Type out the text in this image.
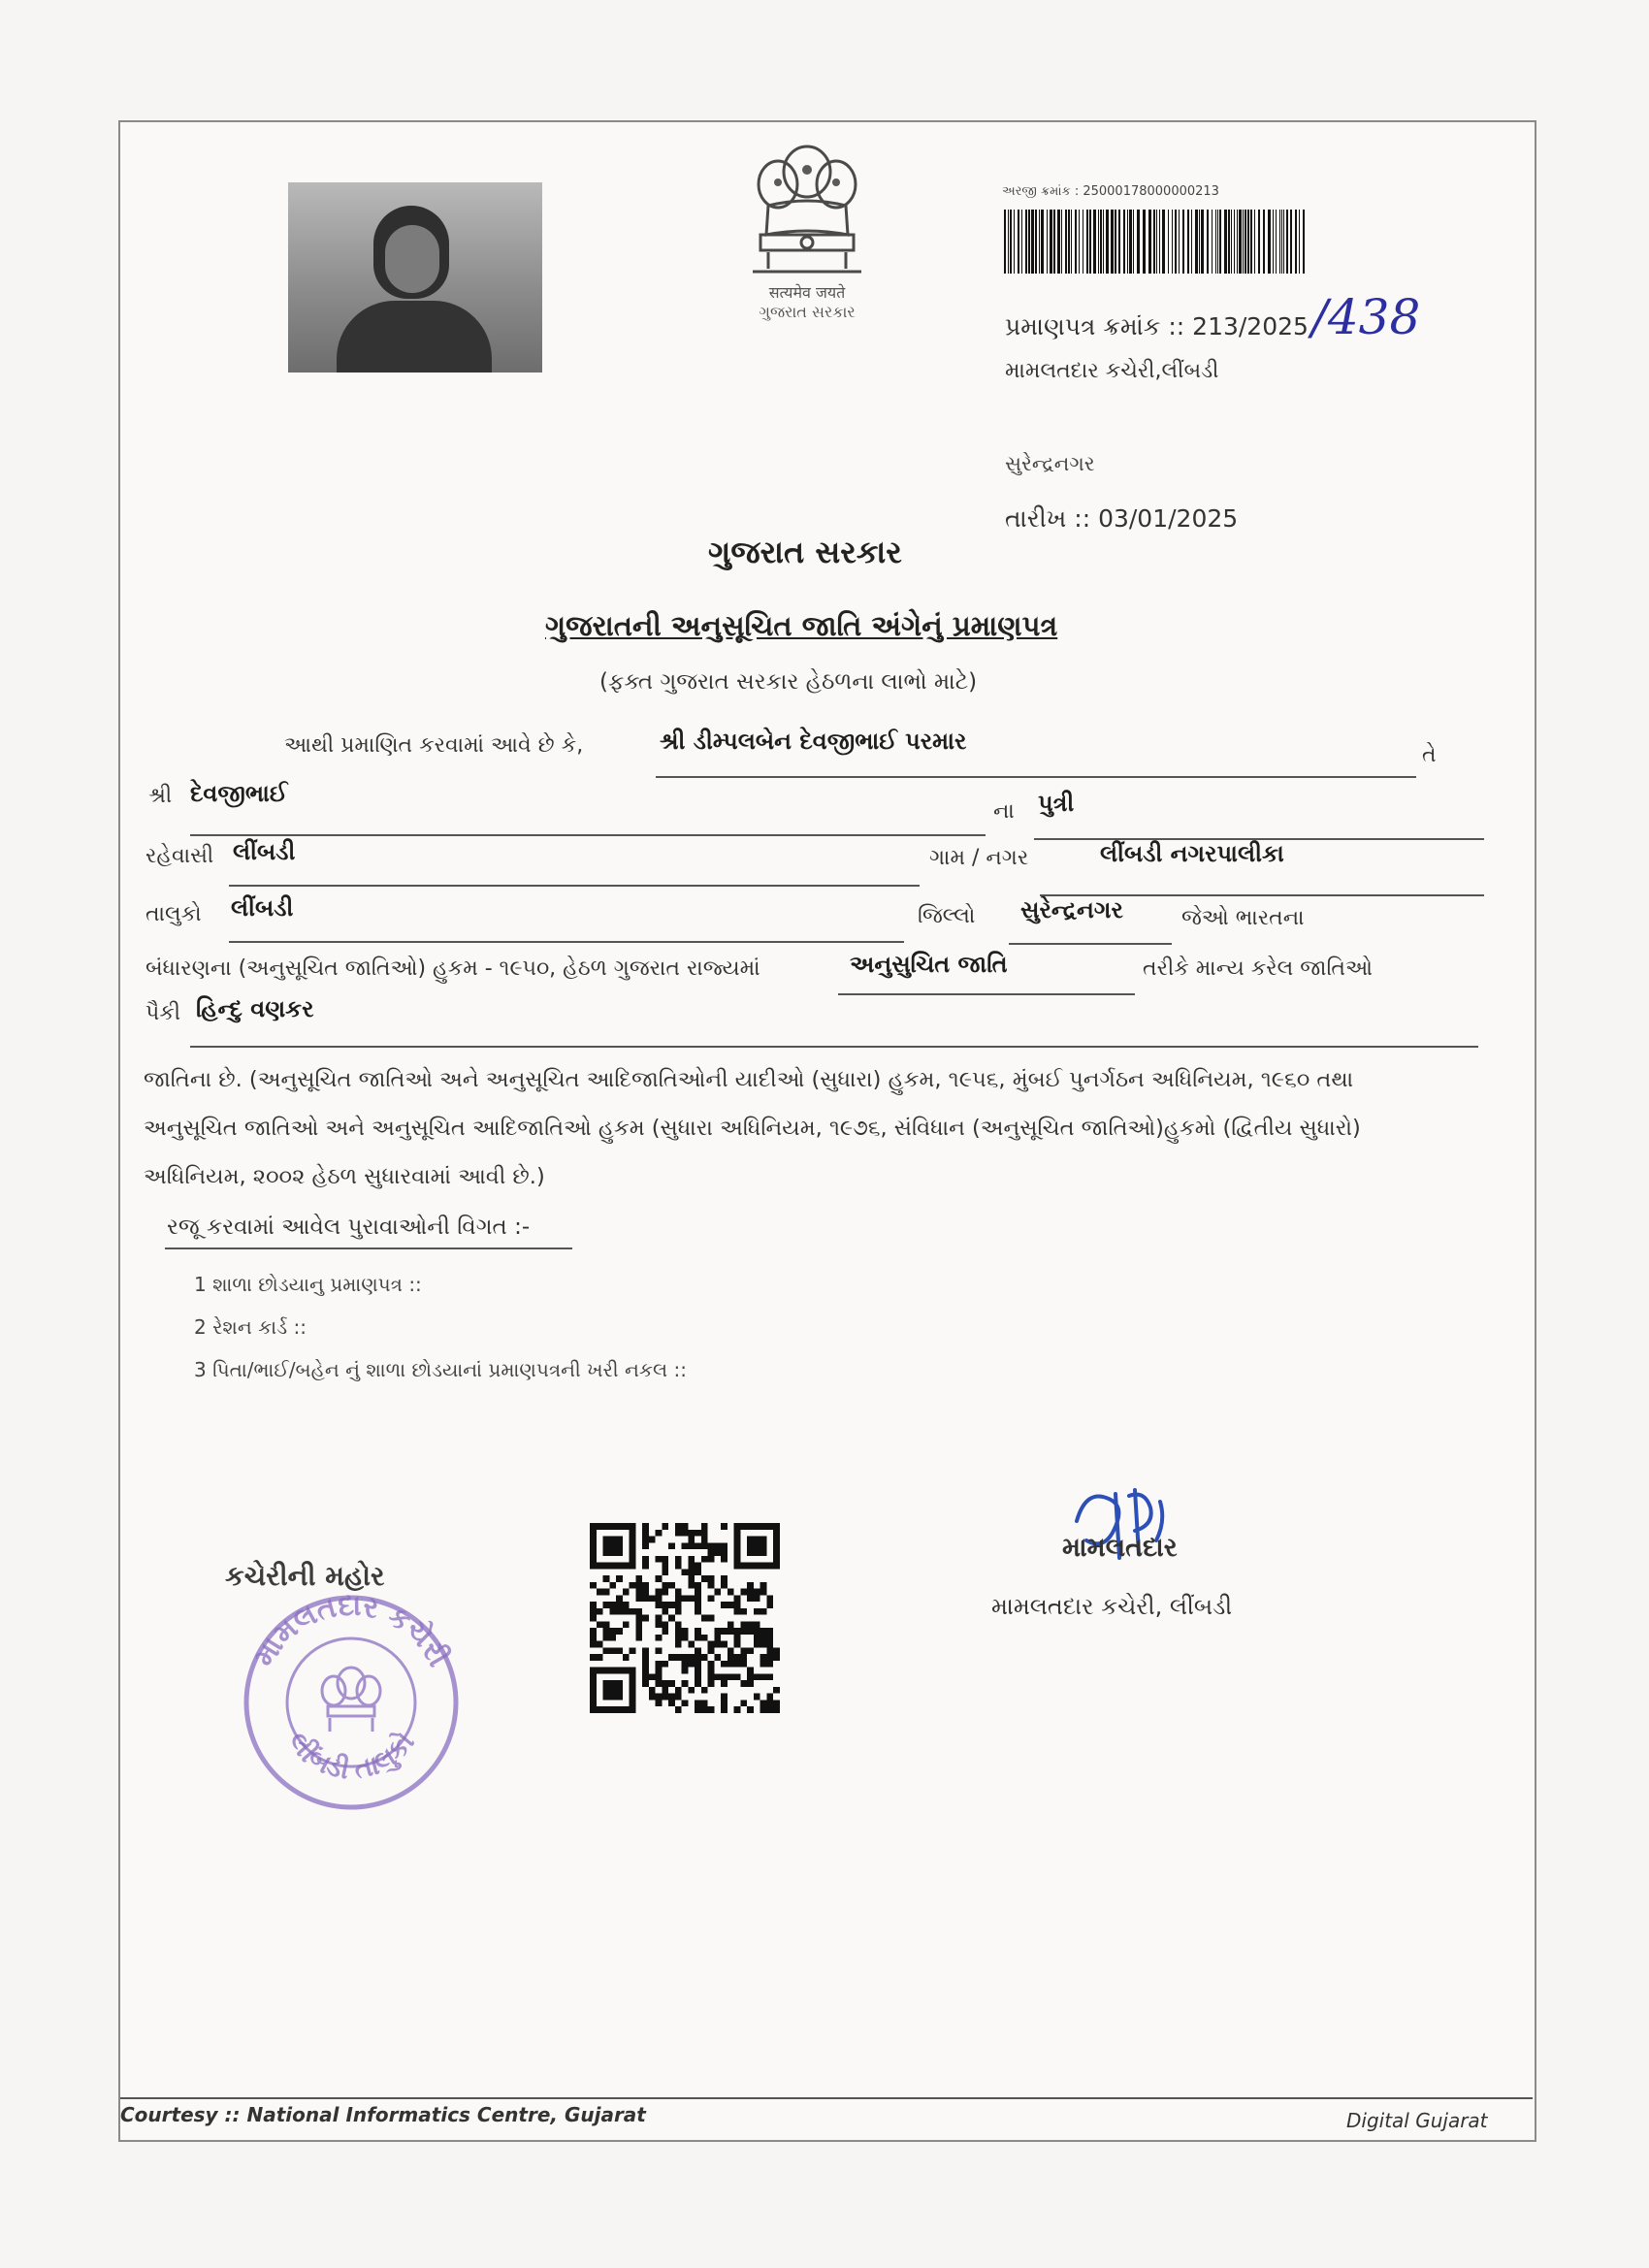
सत्यमेव जयते
ગુજરાત સરકાર
અરજી ક્રમાંક : 25000178000000213
પ્રમાણપત્ર ક્રમાંક :: 213/2025 /438
મામલતદાર કચેરી,લીંબડી
સુરેન્દ્રનગર
તારીખ :: 03/01/2025
ગુજરાત સરકાર
ગુજરાતની અનુસૂચિત જાતિ અંગેનું પ્રમાણપત્ર
(ફક્ત ગુજરાત સરકાર હેઠળના લાભો માટે)
આથી પ્રમાણિત કરવામાં આવે છે કે,	શ્રી ડીમ્પલબેન દેવજીભાઈ પરમાર
તે
શ્રી દેવજીભાઈ
ના પુત્રી
રહેવાસી લીંબડી	ગામ / નગર	લીંબડી નગરપાલીકા
તાલુકો લીંબડી	જિલ્લો સુરેન્દ્રનગર	જેઓ ભારતના
બંધારણના (અનુસૂચિત જાતિઓ) હુકમ - ૧૯૫૦, હેઠળ ગુજરાત રાજ્યમાં	અનુસુચિત જાતિ	તરીકે માન્ય કરેલ જાતિઓ
પૈકી હિન્દુ વણકર
જાતિના છે. (અનુસૂચિત જાતિઓ અને અનુસૂચિત આદિજાતિઓની યાદીઓ (સુધારા) હુકમ, ૧૯૫૬, મુંબઈ પુનર્ગઠન અધિનિયમ, ૧૯૬૦ તથા
અનુસૂચિત જાતિઓ અને અનુસૂચિત આદિજાતિઓ હુકમ (સુધારા અધિનિયમ, ૧૯૭૬, સંવિધાન (અનુસૂચિત જાતિઓ)હુકમો (દ્વિતીય સુધારો)
અધિનિયમ, ૨૦૦૨ હેઠળ સુધારવામાં આવી છે.)
રજૂ કરવામાં આવેલ પુરાવાઓની વિગત :-
1 શાળા છોડયાનુ પ્રમાણપત્ર ::
2 રેશન કાર્ડ ::
3 પિતા/ભાઈ/બહેન નું શાળા છોડયાનાં પ્રમાણપત્રની ખરી નકલ ::
કચેરીની મહોર
મામલતદાર કચેરી
લીંબડી તાલુકો
મામલતદાર
મામલતદાર કચેરી, લીંબડી
Courtesy :: National Informatics Centre, Gujarat	Digital Gujarat
